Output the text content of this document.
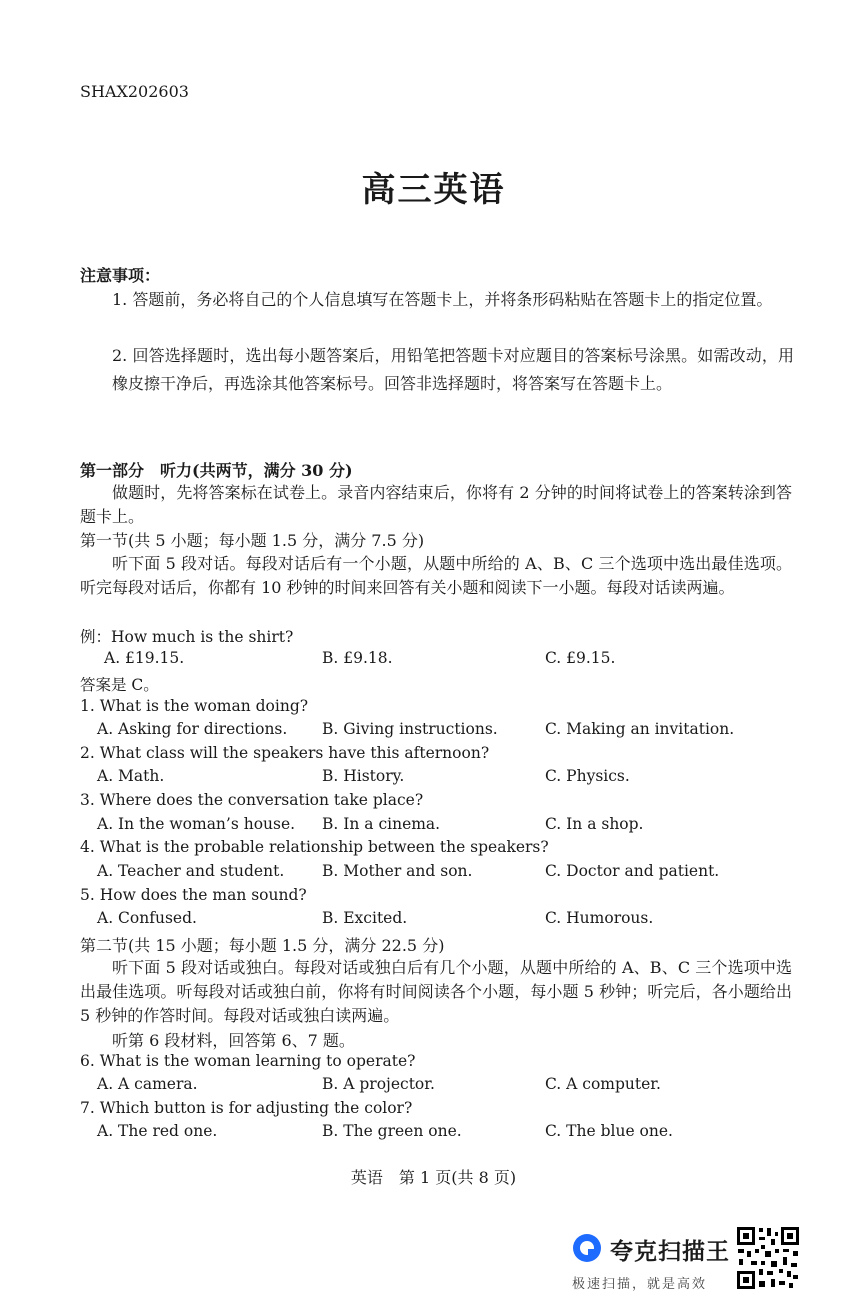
SHAX202603
高三英语
注意事项：
1. 答题前，务必将自己的个人信息填写在答题卡上，并将条形码粘贴在答题卡上的指定位置。
2. 回答选择题时，选出每小题答案后，用铅笔把答题卡对应题目的答案标号涂黑。如需改动，用橡皮擦干净后，再选涂其他答案标号。回答非选择题时，将答案写在答题卡上。
第一部分　听力(共两节，满分 30 分)
做题时，先将答案标在试卷上。录音内容结束后，你将有 2 分钟的时间将试卷上的答案转涂到答题卡上。
第一节(共 5 小题；每小题 1.5 分，满分 7.5 分)
听下面 5 段对话。每段对话后有一个小题，从题中所给的 A、B、C 三个选项中选出最佳选项。听完每段对话后，你都有 10 秒钟的时间来回答有关小题和阅读下一小题。每段对话读两遍。
例：How much is the shirt?
A. £19.15.	B. £9.18.	C. £9.15.
答案是 C。
1. What is the woman doing?
A. Asking for directions. B. Giving instructions.	C. Making an invitation.
2. What class will the speakers have this afternoon?
A. Math.	B. History.	C. Physics.
3. Where does the conversation take place?
A. In the woman’s house. B. In a cinema.	C. In a shop.
4. What is the probable relationship between the speakers?
A. Teacher and student. B. Mother and son.	C. Doctor and patient.
5. How does the man sound?
A. Confused.	B. Excited.	C. Humorous.
第二节(共 15 小题；每小题 1.5 分，满分 22.5 分)
听下面 5 段对话或独白。每段对话或独白后有几个小题，从题中所给的 A、B、C 三个选项中选出最佳选项。听每段对话或独白前，你将有时间阅读各个小题，每小题 5 秒钟；听完后，各小题给出 5 秒钟的作答时间。每段对话或独白读两遍。
听第 6 段材料，回答第 6、7 题。
6. What is the woman learning to operate?
A. A camera.	B. A projector.	C. A computer.
7. Which button is for adjusting the color?
A. The red one.	B. The green one.	C. The blue one.
英语　第 1 页(共 8 页)
夸克扫描王
极速扫描，就是高效
